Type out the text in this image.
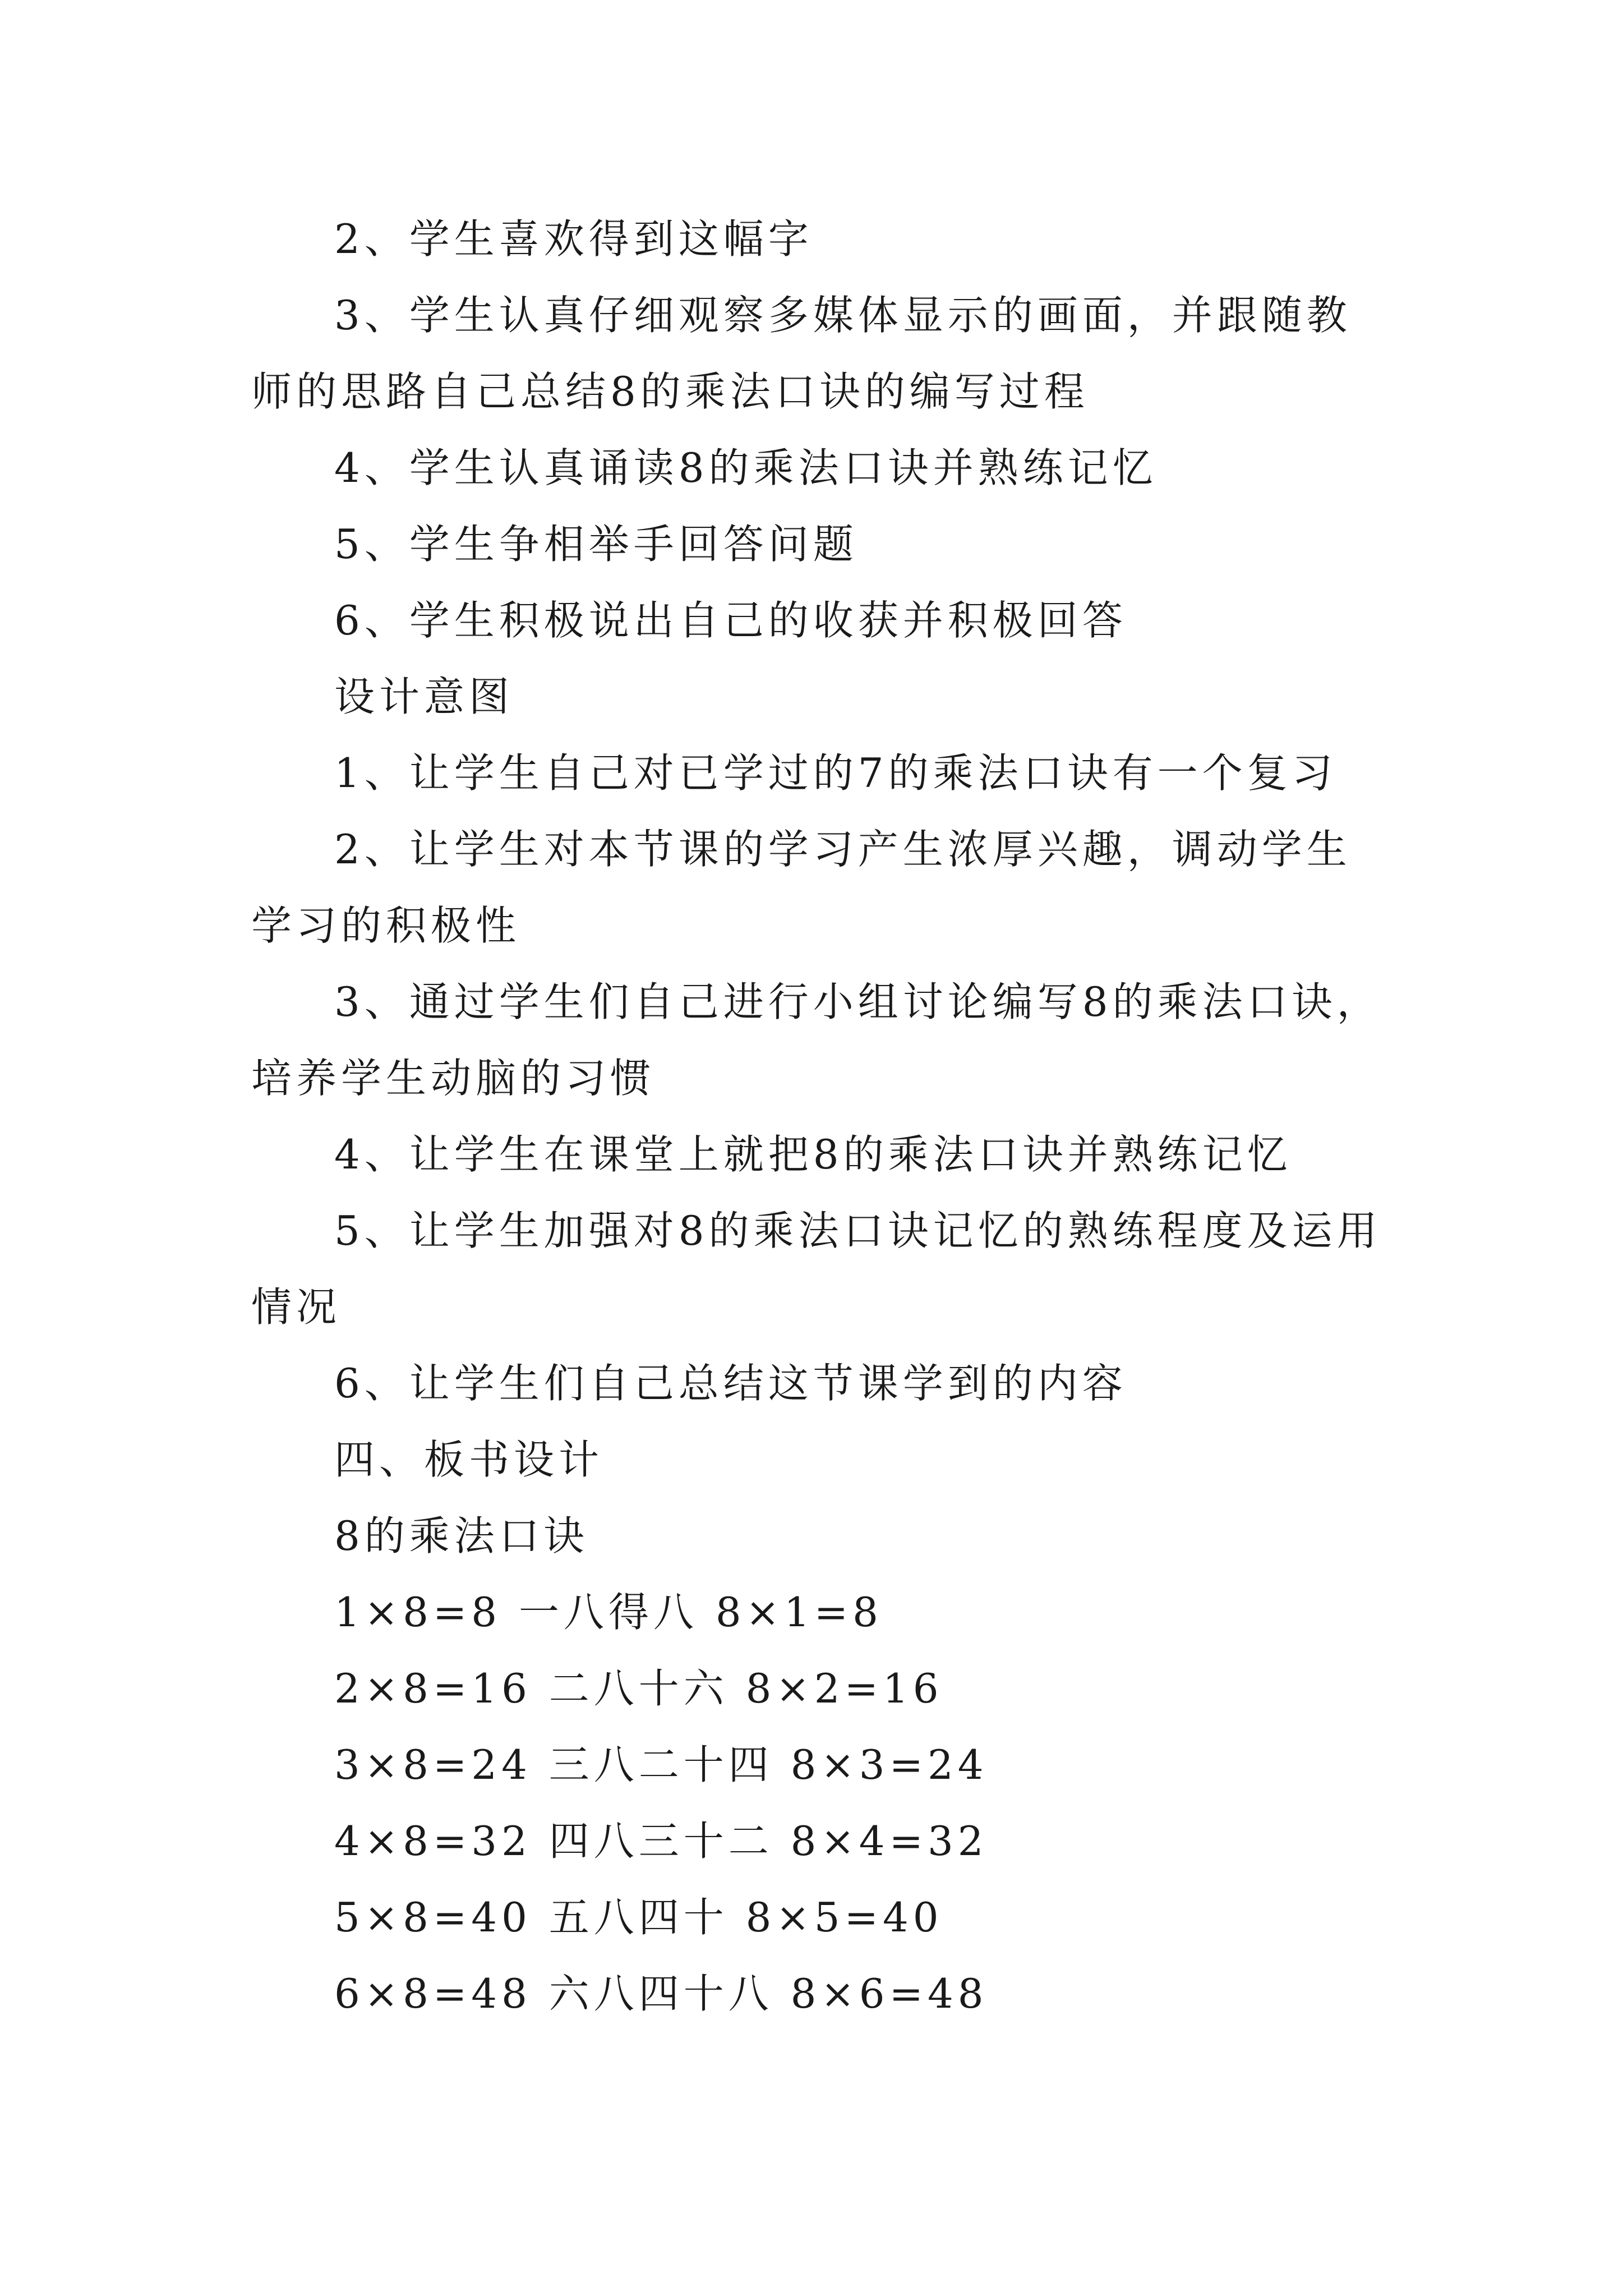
2、学生喜欢得到这幅字

3、学生认真仔细观察多媒体显示的画面，并跟随教师的思路自己总结8的乘法口诀的编写过程

4、学生认真诵读8的乘法口诀并熟练记忆

5、学生争相举手回答问题

6、学生积极说出自己的收获并积极回答

设计意图

1、让学生自己对已学过的7的乘法口诀有一个复习

2、让学生对本节课的学习产生浓厚兴趣，调动学生学习的积极性

3、通过学生们自己进行小组讨论编写8的乘法口诀，培养学生动脑的习惯

4、让学生在课堂上就把8的乘法口诀并熟练记忆

5、让学生加强对8的乘法口诀记忆的熟练程度及运用情况

6、让学生们自己总结这节课学到的内容

四、板书设计

8的乘法口诀

1×8=8 一八得八 8×1=8

2×8=16 二八十六 8×2=16

3×8=24 三八二十四 8×3=24

4×8=32 四八三十二 8×4=32

5×8=40 五八四十 8×5=40

6×8=48 六八四十八 8×6=48
